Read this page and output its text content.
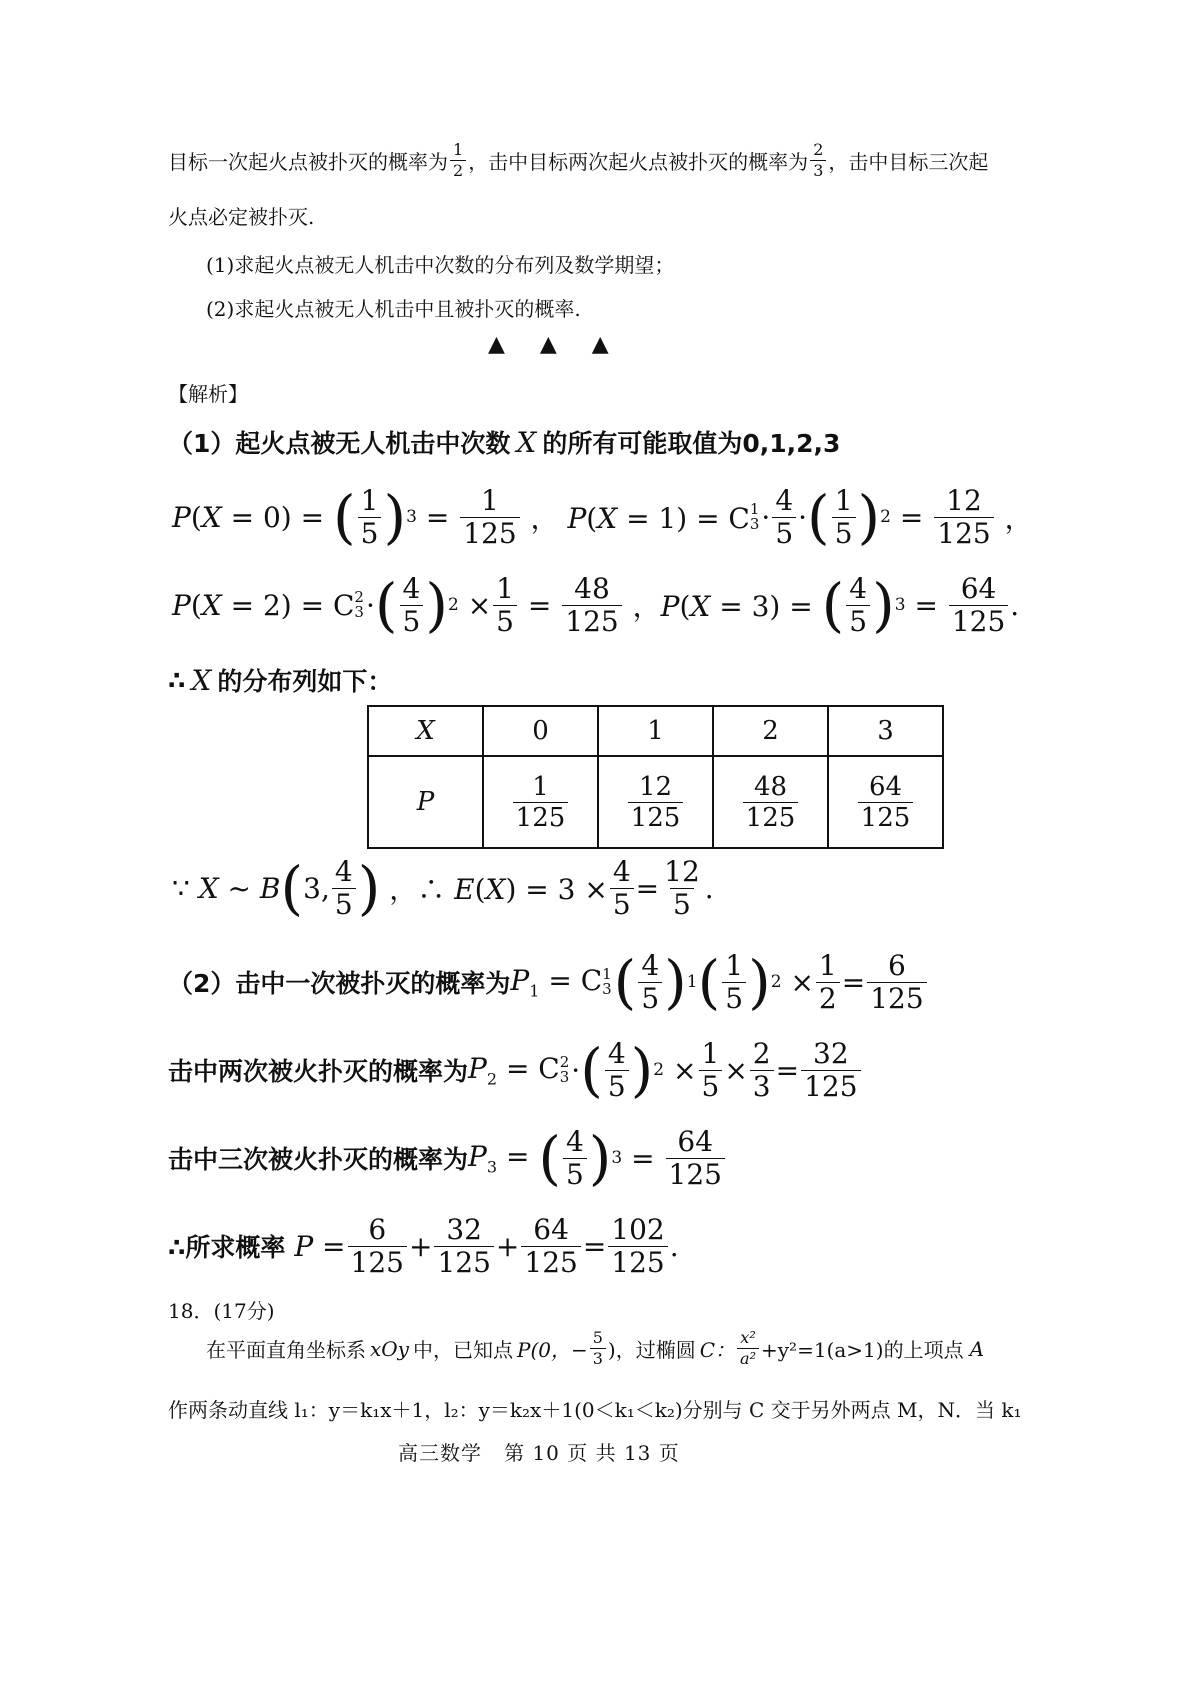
目标一次起火点被扑灭的概率为 $\frac{1}{2}$ ，击中目标两次起火点被扑灭的概率为 $\frac{2}{3}$ ，击中目标三次起
火点必定被扑灭.
(1)求起火点被无人机击中次数的分布列及数学期望；
(2)求起火点被无人机击中且被扑灭的概率.
▲     ▲     ▲
【解析】
（1）起火点被无人机击中次数 X 的所有可能取值为0,1,2,3
P(X = 0) = ( $\frac{1}{5}$ ) $3 = \frac{1}{125}$ ， P(X = 1) = C 1
$3 \cdot \frac{4}{5}$ · ( $\frac{1}{5}$ ) $2 = \frac{12}{125}$ ，
P(X = 2) = C 2
3 · ( $\frac{4}{5}$ ) $2 \times \frac{1}{5} = \frac{48}{125}$ ，P(X = 3) = ( $\frac{4}{5}$ ) $3 = \frac{64}{125}$ .
∴ X 的分布列如下：
X	0	1	2	3
P	$\frac{1}{125}$	$\frac{12}{125}$	$\frac{48}{125}$	$\frac{64}{125}$
∵ X ~ B ( 3, $\frac{4}{5}$ ) ，∴ $E(X) = 3 \times \frac{4}{5} = \frac{12}{5}$ .
（2）击中一次被扑灭的概率为 $P_1 = C$ 1
3 ( $\frac{4}{5}$ ) 1 ( $\frac{1}{5}$ ) $2 \times \frac{1}{2} = \frac{6}{125}$
击中两次被火扑灭的概率为 $P_2 = C$ 2
3 · ( $\frac{4}{5}$ ) $2 \times \frac{1}{5} \times \frac{2}{3} = \frac{32}{125}$
击中三次被火扑灭的概率为 $P_3$ = ( $\frac{4}{5}$ ) $3 = \frac{64}{125}$
∴所求概率 $P = \frac{6}{125} + \frac{32}{125} + \frac{64}{125} = \frac{102}{125}$ .
18．(17分)
在平面直角坐标系 xOy 中，已知点 P(0，− $\frac{5}{3}$ )，过椭圆 C： $\frac{\text{x²}}{\text{a²}} +y^2=1(a>1)$的上项点 A
作两条动直线 l₁：y＝k₁x＋1，l₂：y＝k₂x＋1(0＜k₁＜k₂)分别与 C 交于另外两点 M，N．当 k₁
高三数学   第 10 页 共 13 页
